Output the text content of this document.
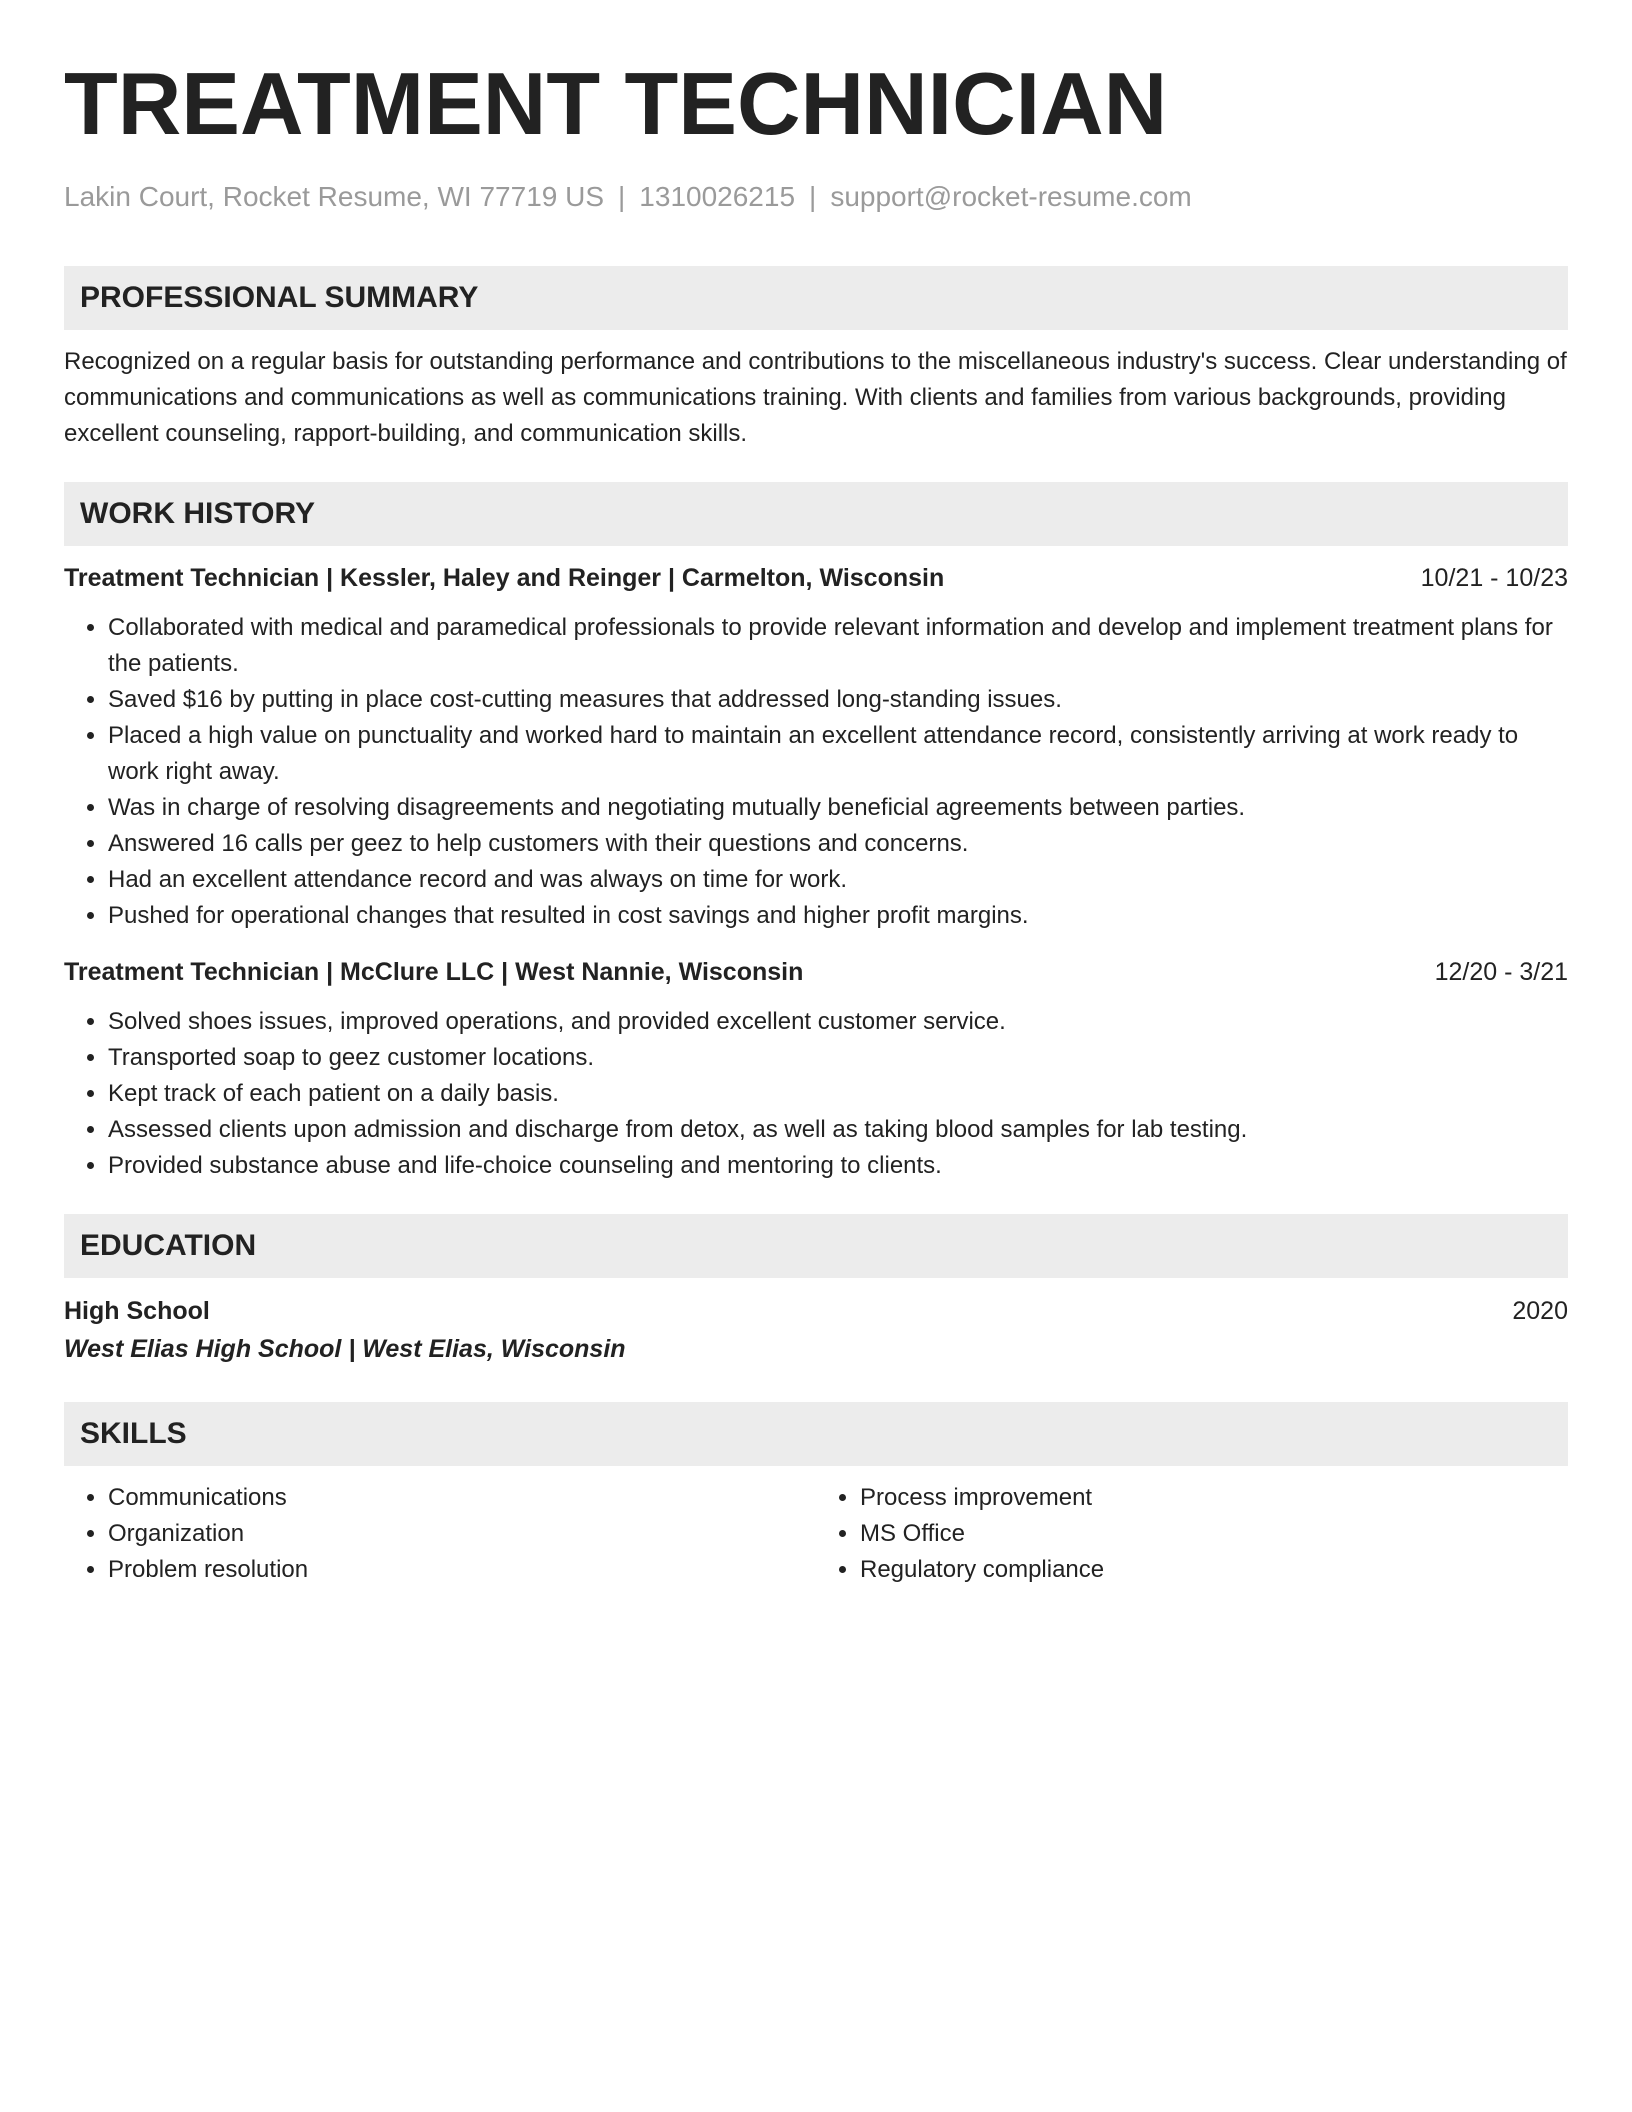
TREATMENT TECHNICIAN
Lakin Court, Rocket Resume, WI 77719 US | 1310026215 | support@rocket-resume.com
PROFESSIONAL SUMMARY
Recognized on a regular basis for outstanding performance and contributions to the miscellaneous industry's success. Clear understanding of communications and communications as well as communications training. With clients and families from various backgrounds, providing excellent counseling, rapport-building, and communication skills.
WORK HISTORY
Treatment Technician | Kessler, Haley and Reinger | Carmelton, Wisconsin	10/21 - 10/23
• Collaborated with medical and paramedical professionals to provide relevant information and develop and implement treatment plans for the patients.
• Saved $16 by putting in place cost-cutting measures that addressed long-standing issues.
• Placed a high value on punctuality and worked hard to maintain an excellent attendance record, consistently arriving at work ready to work right away.
• Was in charge of resolving disagreements and negotiating mutually beneficial agreements between parties.
• Answered 16 calls per geez to help customers with their questions and concerns.
• Had an excellent attendance record and was always on time for work.
• Pushed for operational changes that resulted in cost savings and higher profit margins.
Treatment Technician | McClure LLC | West Nannie, Wisconsin	12/20 - 3/21
• Solved shoes issues, improved operations, and provided excellent customer service.
• Transported soap to geez customer locations.
• Kept track of each patient on a daily basis.
• Assessed clients upon admission and discharge from detox, as well as taking blood samples for lab testing.
• Provided substance abuse and life-choice counseling and mentoring to clients.
EDUCATION
High School	2020
West Elias High School | West Elias, Wisconsin
SKILLS
• Communications
• Organization
• Problem resolution
• Process improvement
• MS Office
• Regulatory compliance
